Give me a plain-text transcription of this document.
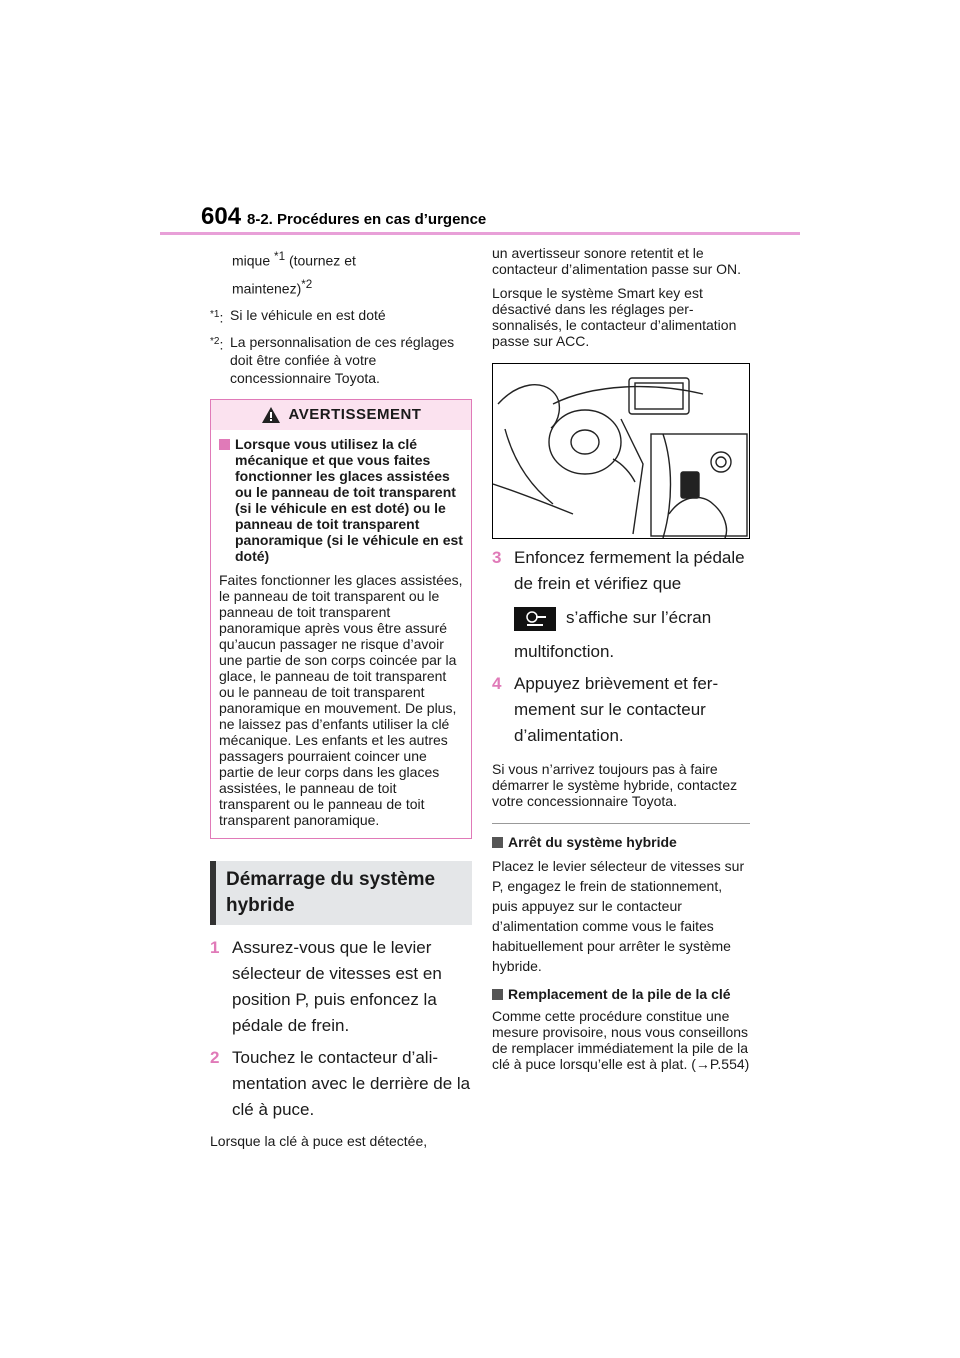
604 8-2. Procédures en cas d’urgence
mique $^{*1}$ (tournez et
maintenez)$^{*2}$
$^{*1}$: Si le véhicule en est doté
$^{*2}$: La personnalisation de ces réglages doit être confiée à votre concessionnaire Toyota.
AVERTISSEMENT
Lorsque vous utilisez la clé mécanique et que vous faites fonctionner les glaces assistées ou le panneau de toit transparent (si le véhicule en est doté) ou le panneau de toit transparent panoramique (si le véhicule en est doté)
Faites fonctionner les glaces assistées, le panneau de toit transparent ou le panneau de toit transparent panoramique après vous être assuré qu’aucun passager ne risque d’avoir une partie de son corps coincée par la glace, le panneau de toit transparent ou le panneau de toit transparent panoramique en mouvement. De plus, ne laissez pas d’enfants utiliser la clé mécanique. Les enfants et les autres passagers pourraient coincer une partie de leur corps dans les glaces assistées, le panneau de toit transparent ou le panneau de toit transparent panoramique.
Démarrage du système hybride
1 Assurez-vous que le levier sélecteur de vitesses est en position P, puis enfoncez la pédale de frein.
2 Touchez le contacteur d’alimentation avec le derrière de la clé à puce.

Lorsque la clé à puce est détectée,

un avertisseur sonore retentit et le contacteur d’alimentation passe sur ON.

Lorsque le système Smart key est désactivé dans les réglages personnalisés, le contacteur d’alimentation passe sur ACC.

3 Enfoncez fermement la pédale de frein et vérifiez que
s’affiche sur l’écran
multifonction.
4 Appuyez brièvement et fermement sur le contacteur d’alimentation.

Si vous n’arrivez toujours pas à faire démarrer le système hybride, contactez votre concessionnaire Toyota.

Arrêt du système hybride

Placez le levier sélecteur de vitesses sur P, engagez le frein de stationnement, puis appuyez sur le contacteur d’alimentation comme vous le faites habituellement pour arrêter le système hybride.

Remplacement de la pile de la clé

Comme cette procédure constitue une mesure provisoire, nous vous conseillons de remplacer immédiatement la pile de la clé à puce lorsqu’elle est à plat. (→P.554)
